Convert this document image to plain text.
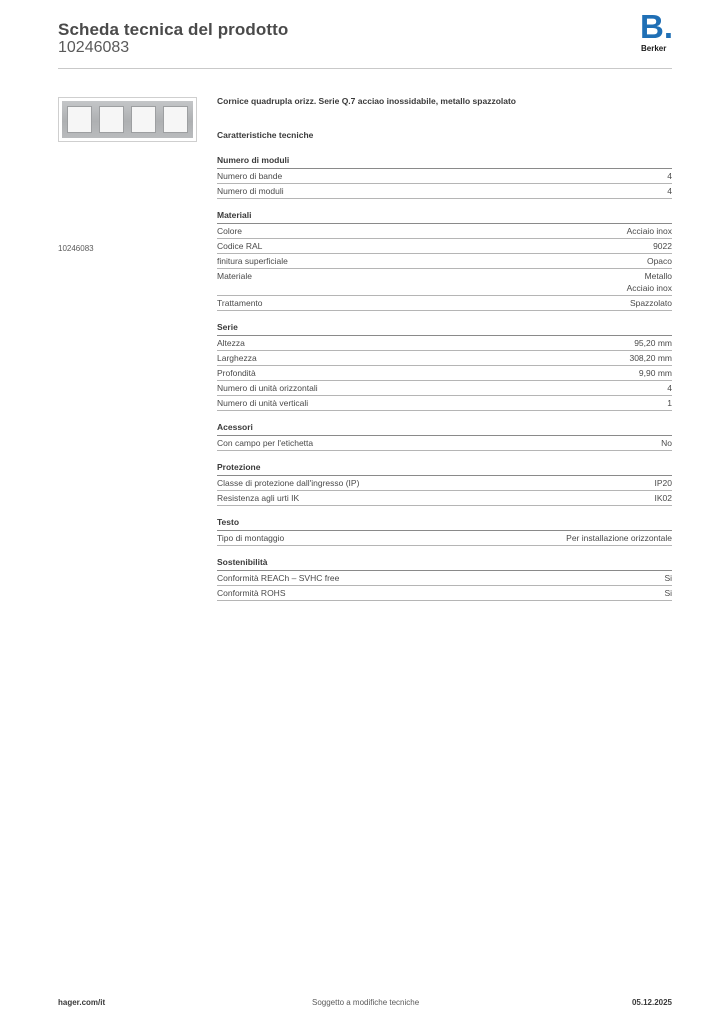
Scheda tecnica del prodotto
10246083
B.
Berker
10246083
Cornice quadrupla orizz. Serie Q.7 acciao inossidabile, metallo spazzolato
Caratteristiche tecniche
Numero di moduli
Numero di bande	4
Numero di moduli	4
Materiali
Colore	Acciaio inox
Codice RAL	9022
finitura superficiale	Opaco
Materiale	Metallo
Acciaio inox
Trattamento	Spazzolato
Serie
Altezza	95,20 mm
Larghezza	308,20 mm
Profondità	9,90 mm
Numero di unità orizzontali	4
Numero di unità verticali	1
Acessori
Con campo per l'etichetta	No
Protezione
Classe di protezione dall'ingresso (IP)	IP20
Resistenza agli urti IK	IK02
Testo
Tipo di montaggio	Per installazione orizzontale
Sostenibilità
Conformità REACh – SVHC free	Si
Conformità ROHS	Si
hager.com/it	Soggetto a modifiche tecniche	05.12.2025
